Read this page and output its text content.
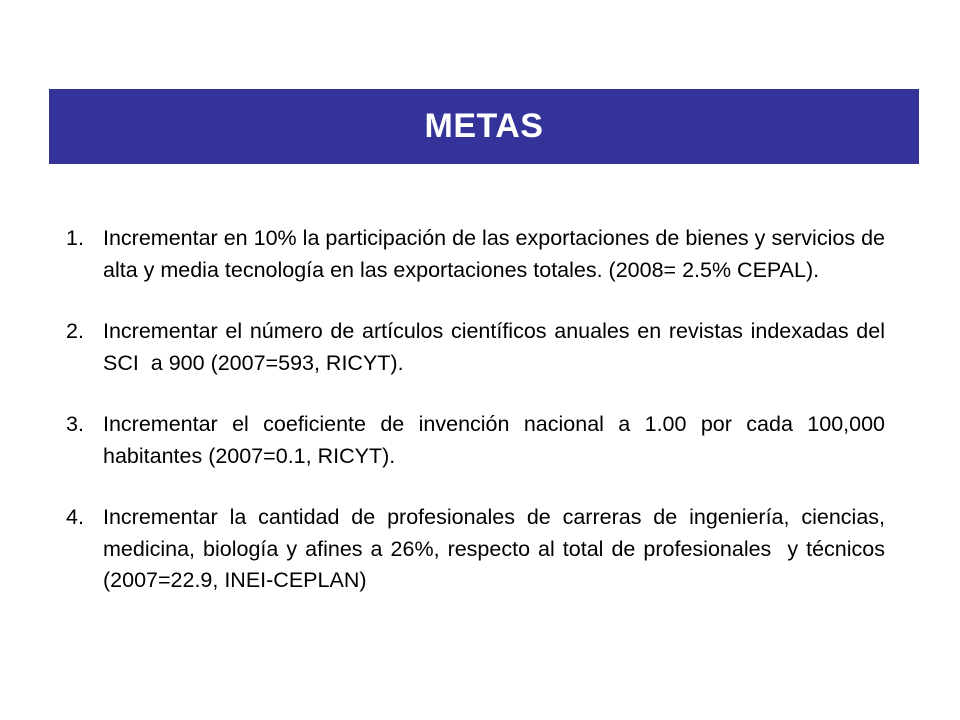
METAS
1. Incrementar en 10% la participación de las exportaciones de bienes y servicios de alta y media tecnología en las exportaciones totales. (2008= 2.5% CEPAL).
2. Incrementar el número de artículos científicos anuales en revistas indexadas del SCI  a 900 (2007=593, RICYT).
3. Incrementar el coeficiente de invención nacional a 1.00 por cada 100,000 habitantes (2007=0.1, RICYT).
4. Incrementar la cantidad de profesionales de carreras de ingeniería, ciencias, medicina, biología y afines a 26%, respecto al total de profesionales  y técnicos (2007=22.9, INEI-CEPLAN)
